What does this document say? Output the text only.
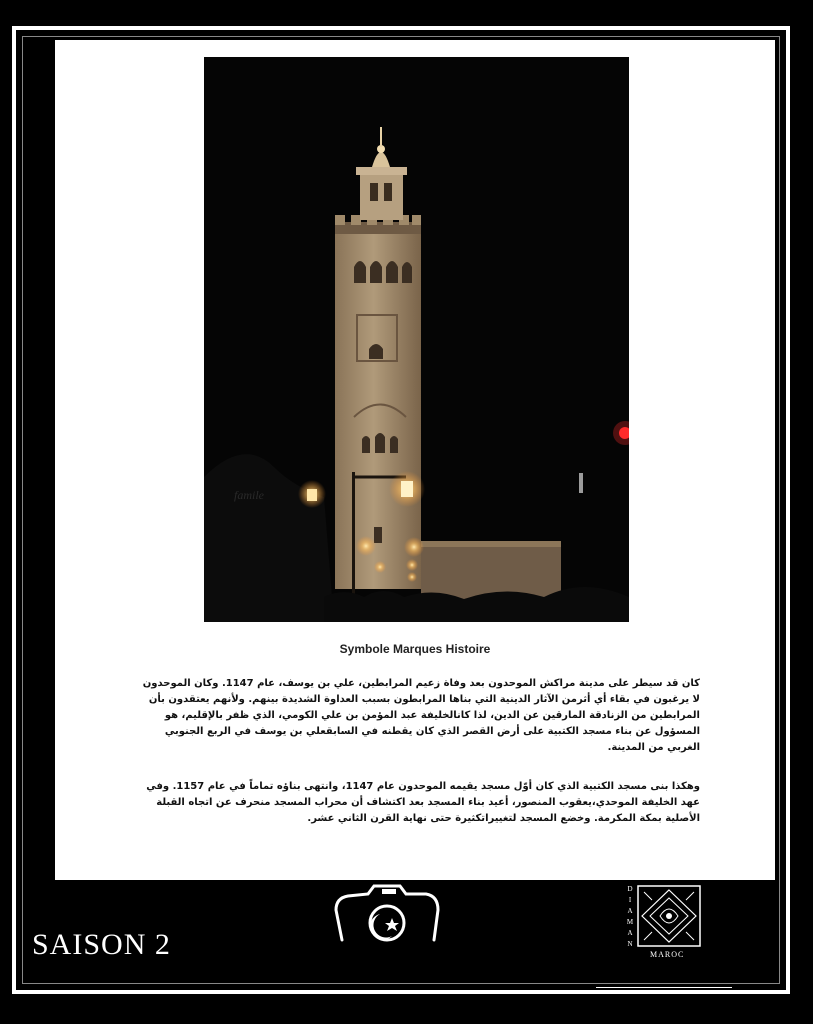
famile
Symbole Marques Histoire
كان قد سيطر على مدينة مراكش الموحدون بعد وفاة زعيم المرابطين، علي بن يوسف، عام 1147. وكان الموحدون لا يرغبون في بقاء أي أثرمن الآثار الدينية التي بناها المرابطون بسبب العداوة الشديدة بينهم. ولأنهم يعتقدون بأن المرابطين من الزنادقة المارقين عن الدين، لذا كانالخليفة عبد المؤمن بن علي الكومي، الذي ظفر بالإقليم، هو المسؤول عن بناء مسجد الكتبية على أرض القصر الذي كان يقطنه في السابقعلي بن يوسف في الربع الجنوبي الغربي من المدينة.
وهكذا بنى مسجد الكتبية الذي كان أوّل مسجد يقيمه الموحدون عام 1147، وانتهى بناؤه تماماً في عام 1157. وفي عهد الخليفة الموحدي،يعقوب المنصور، أعيد بناء المسجد بعد اكتشاف أن محراب المسجد منحرف عن اتجاه القبلة الأصلية بمكة المكرمة. وخضع المسجد لتغييراتكثيرة حتى نهاية القرن الثاني عشر.
SAISON 2
D
I
A
M
A
N
MAROC
